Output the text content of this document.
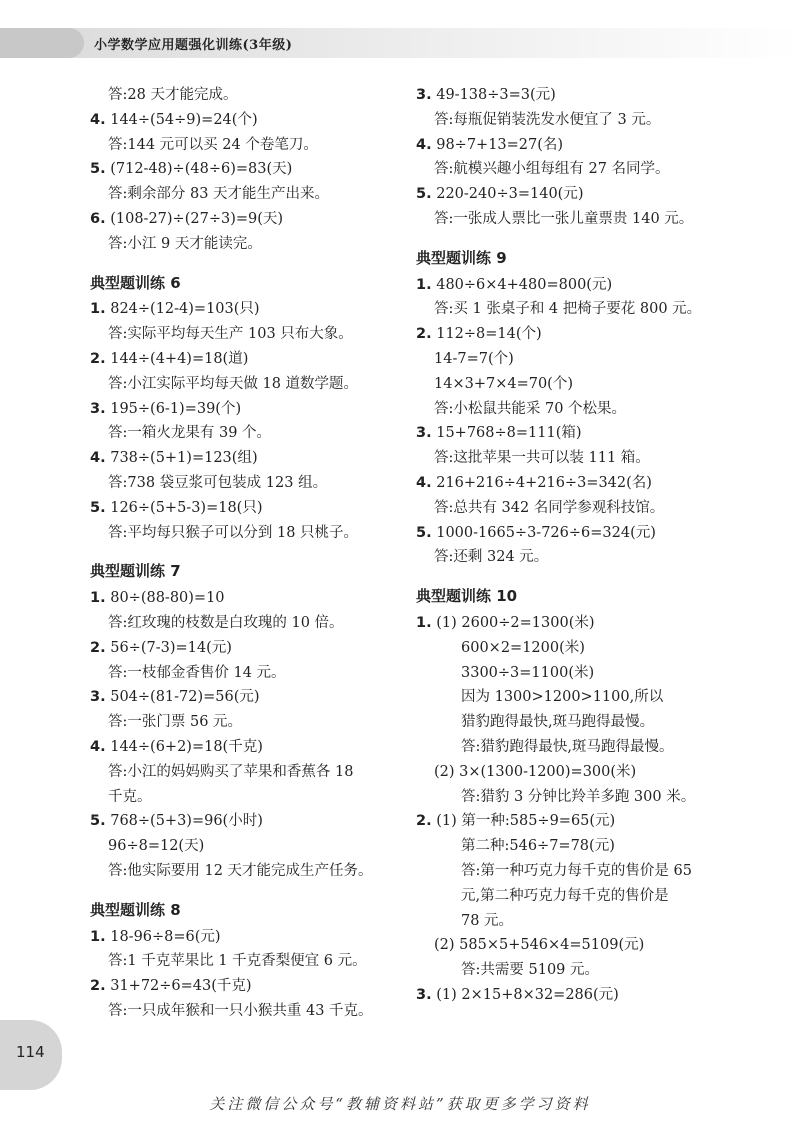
小学数学应用题强化训练(3年级)
答:28 天才能完成。
4. 144÷(54÷9)=24(个)
答:144 元可以买 24 个卷笔刀。
5. (712-48)÷(48÷6)=83(天)
答:剩余部分 83 天才能生产出来。
6. (108-27)÷(27÷3)=9(天)
答:小江 9 天才能读完。
典型题训练 6
1. 824÷(12-4)=103(只)
答:实际平均每天生产 103 只布大象。
2. 144÷(4+4)=18(道)
答:小江实际平均每天做 18 道数学题。
3. 195÷(6-1)=39(个)
答:一箱火龙果有 39 个。
4. 738÷(5+1)=123(组)
答:738 袋豆浆可包装成 123 组。
5. 126÷(5+5-3)=18(只)
答:平均每只猴子可以分到 18 只桃子。
典型题训练 7
1. 80÷(88-80)=10
答:红玫瑰的枝数是白玫瑰的 10 倍。
2. 56÷(7-3)=14(元)
答:一枝郁金香售价 14 元。
3. 504÷(81-72)=56(元)
答:一张门票 56 元。
4. 144÷(6+2)=18(千克)
答:小江的妈妈购买了苹果和香蕉各 18
千克。
5. 768÷(5+3)=96(小时)
96÷8=12(天)
答:他实际要用 12 天才能完成生产任务。
典型题训练 8
1. 18-96÷8=6(元)
答:1 千克苹果比 1 千克香梨便宜 6 元。
2. 31+72÷6=43(千克)
答:一只成年猴和一只小猴共重 43 千克。
3. 49-138÷3=3(元)
答:每瓶促销装洗发水便宜了 3 元。
4. 98÷7+13=27(名)
答:航模兴趣小组每组有 27 名同学。
5. 220-240÷3=140(元)
答:一张成人票比一张儿童票贵 140 元。
典型题训练 9
1. 480÷6×4+480=800(元)
答:买 1 张桌子和 4 把椅子要花 800 元。
2. 112÷8=14(个)
14-7=7(个)
14×3+7×4=70(个)
答:小松鼠共能采 70 个松果。
3. 15+768÷8=111(箱)
答:这批苹果一共可以装 111 箱。
4. 216+216÷4+216÷3=342(名)
答:总共有 342 名同学参观科技馆。
5. 1000-1665÷3-726÷6=324(元)
答:还剩 324 元。
典型题训练 10
1. (1) 2600÷2=1300(米)
600×2=1200(米)
3300÷3=1100(米)
因为 1300>1200>1100,所以
猎豹跑得最快,斑马跑得最慢。
答:猎豹跑得最快,斑马跑得最慢。
(2) 3×(1300-1200)=300(米)
答:猎豹 3 分钟比羚羊多跑 300 米。
2. (1) 第一种:585÷9=65(元)
第二种:546÷7=78(元)
答:第一种巧克力每千克的售价是 65
元,第二种巧克力每千克的售价是
78 元。
(2) 585×5+546×4=5109(元)
答:共需要 5109 元。
3. (1) 2×15+8×32=286(元)
114
关注微信公众号“教辅资料站”获取更多学习资料
